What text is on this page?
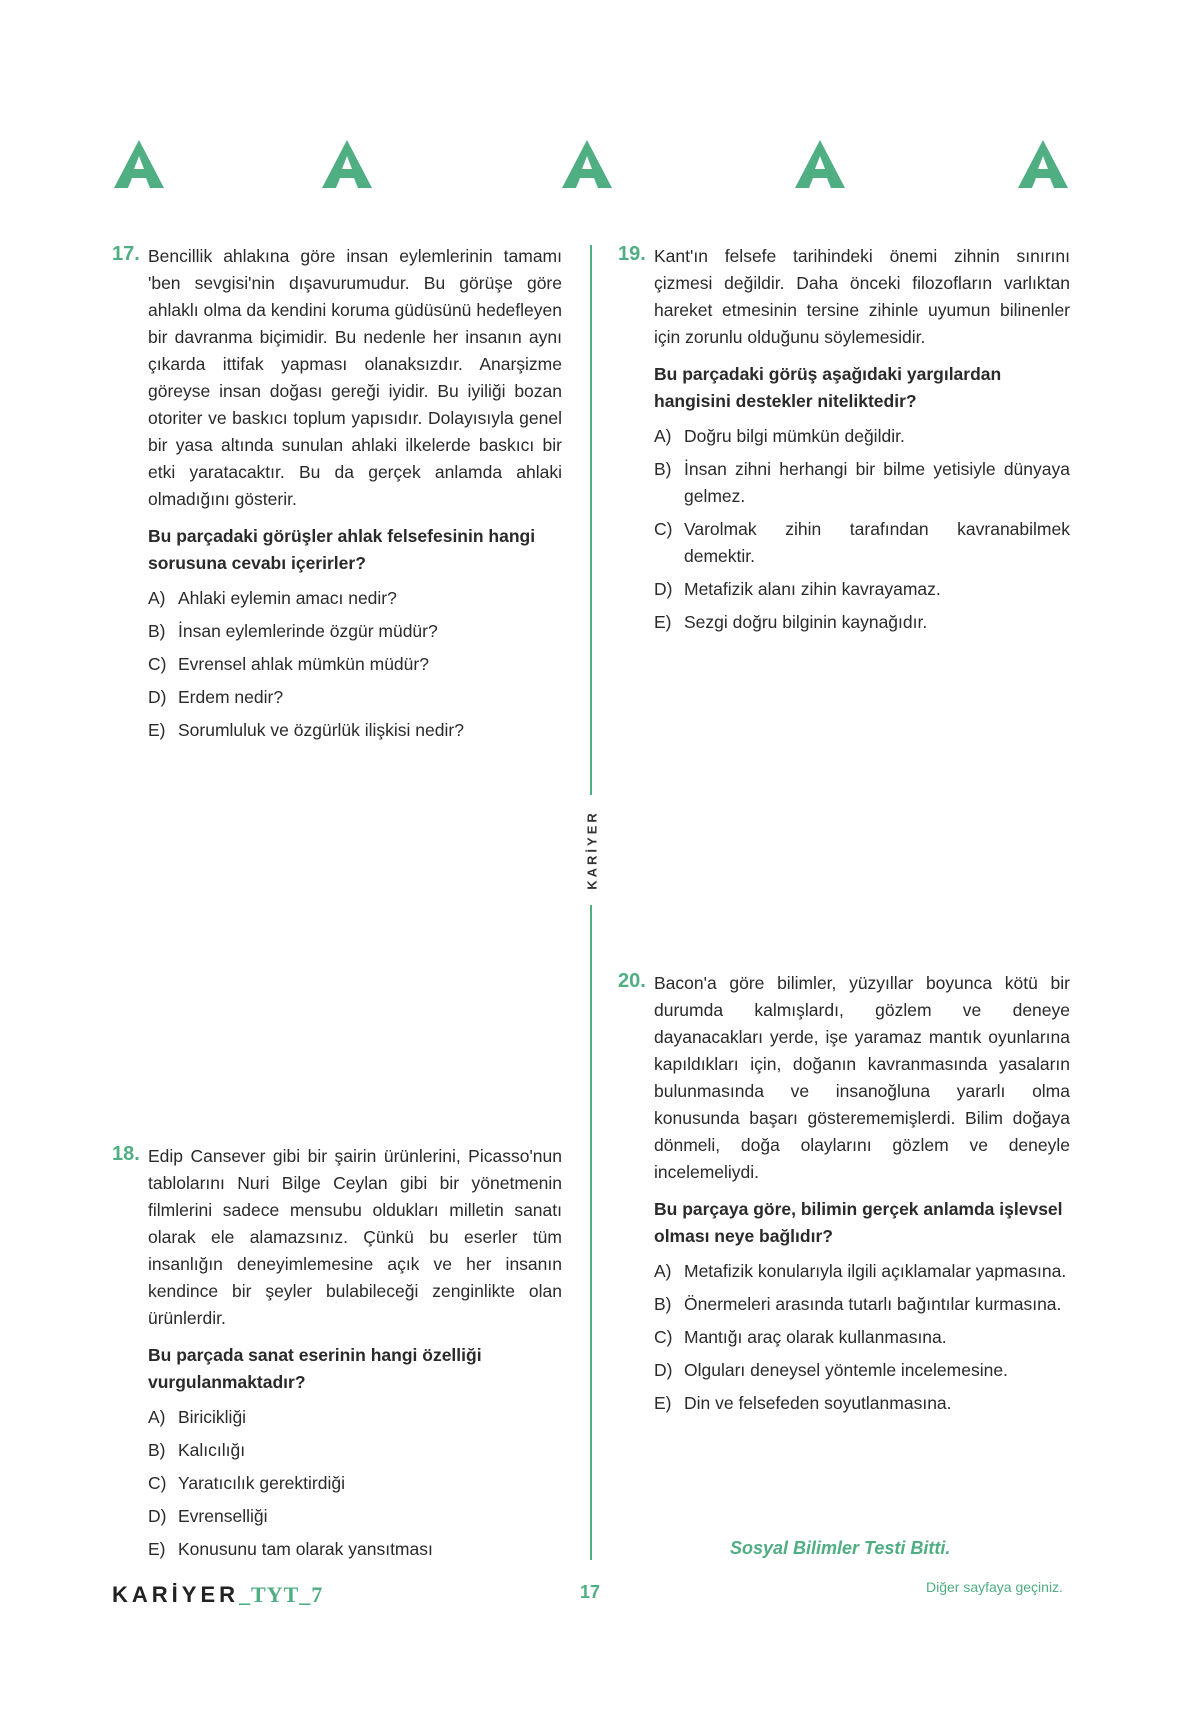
17. Bencillik ahlakına göre insan eylemlerinin tamamı 'ben sevgisi'nin dışavurumudur. Bu görüşe göre ahlaklı olma da kendini koruma güdüsünü hedefleyen bir davranma biçimidir. Bu nedenle her insanın aynı çıkarda ittifak yapması olanaksızdır. Anarşizme göreyse insan doğası gereği iyidir. Bu iyiliği bozan otoriter ve baskıcı toplum yapısıdır. Dolayısıyla genel bir yasa altında sunulan ahlaki ilkelerde baskıcı bir etki yaratacaktır. Bu da gerçek anlamda ahlaki olmadığını gösterir.

Bu parçadaki görüşler ahlak felsefesinin hangi sorusuna cevabı içerirler?

A) Ahlaki eylemin amacı nedir?
B) İnsan eylemlerinde özgür müdür?
C) Evrensel ahlak mümkün müdür?
D) Erdem nedir?
E) Sorumluluk ve özgürlük ilişkisi nedir?
18. Edip Cansever gibi bir şairin ürünlerini, Picasso'nun tablolarını Nuri Bilge Ceylan gibi bir yönetmenin filmlerini sadece mensubu oldukları milletin sanatı olarak ele alamazsınız. Çünkü bu eserler tüm insanlığın deneyimlemesine açık ve her insanın kendince bir şeyler bulabileceği zenginlikte olan ürünlerdir.

Bu parçada sanat eserinin hangi özelliği vurgulanmaktadır?

A) Biricikliği
B) Kalıcılığı
C) Yaratıcılık gerektirdiği
D) Evrenselliği
E) Konusunu tam olarak yansıtması
KARİYER
19. Kant'ın felsefe tarihindeki önemi zihnin sınırını çizmesi değildir. Daha önceki filozofların varlıktan hareket etmesinin tersine zihinle uyumun bilinenler için zorunlu olduğunu söylemesidir.

Bu parçadaki görüş aşağıdaki yargılardan hangisini destekler niteliktedir?

A) Doğru bilgi mümkün değildir.
B) İnsan zihni herhangi bir bilme yetisiyle dünyaya gelmez.
C) Varolmak zihin tarafından kavranabilmek demektir.
D) Metafizik alanı zihin kavrayamaz.
E) Sezgi doğru bilginin kaynağıdır.
20. Bacon'a göre bilimler, yüzyıllar boyunca kötü bir durumda kalmışlardı, gözlem ve deneye dayanacakları yerde, işe yaramaz mantık oyunlarına kapıldıkları için, doğanın kavranmasında yasaların bulunmasında ve insanoğluna yararlı olma konusunda başarı gösterememişlerdi. Bilim doğaya dönmeli, doğa olaylarını gözlem ve deneyle incelemeliydi.

Bu parçaya göre, bilimin gerçek anlamda işlevsel olması neye bağlıdır?

A) Metafizik konularıyla ilgili açıklamalar yapmasına.
B) Önermeleri arasında tutarlı bağıntılar kurmasına.
C) Mantığı araç olarak kullanmasına.
D) Olguları deneysel yöntemle incelemesine.
E) Din ve felsefeden soyutlanmasına.
Sosyal Bilimler Testi Bitti.
KARİYER_TYT_7	17	Diğer sayfaya geçiniz.
